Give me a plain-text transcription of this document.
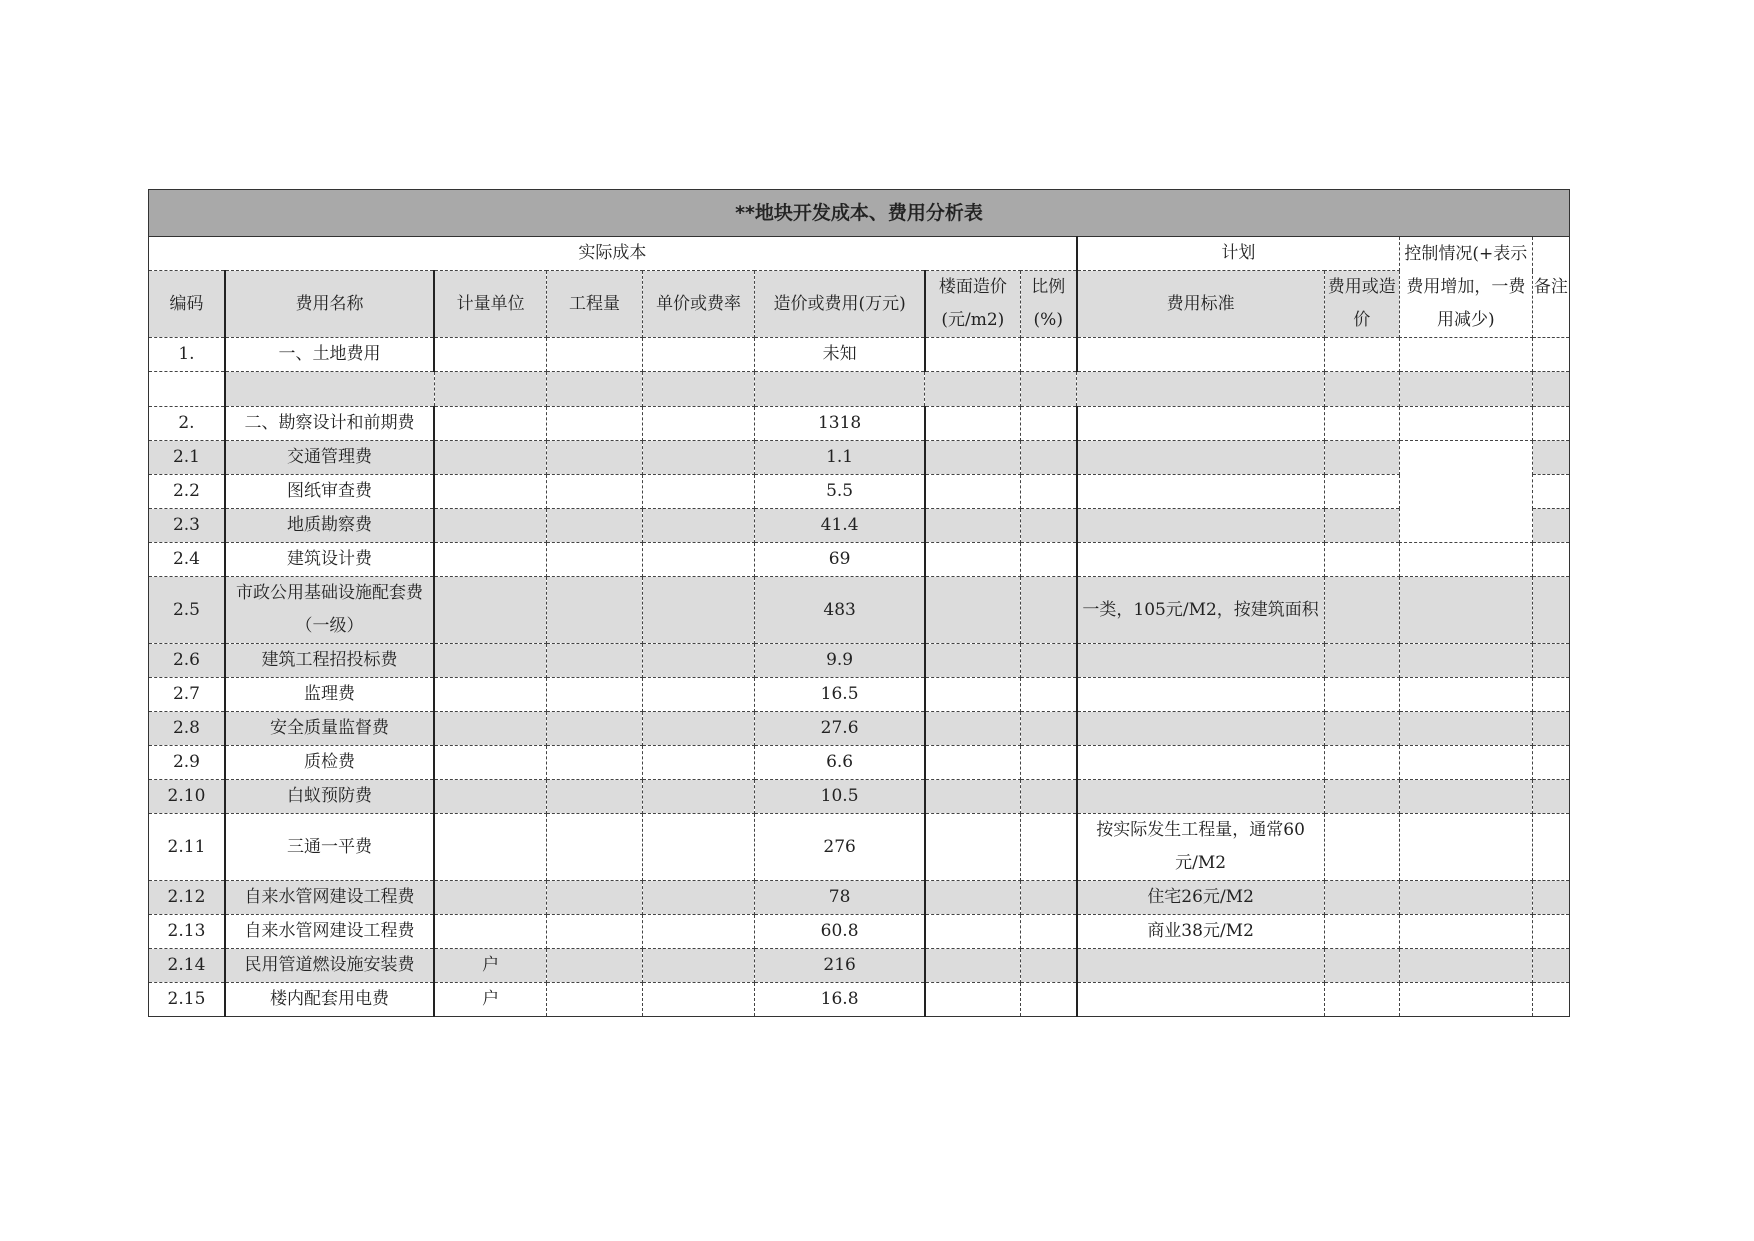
**地块开发成本、费用分析表											
实际成本								计划		控制情况(+表示费用增加，一费用减少)	备注
编码	费用名称	计量单位	工程量	单价或费率	造价或费用(万元)	楼面造价(元/m2)	比例(%)	费用标准	费用或造价		
1.	一、土地费用				未知						

2.	二、勘察设计和前期费				1318						
2.1	交通管理费				1.1						
2.2	图纸审查费				5.5						
2.3	地质勘察费				41.4						
2.4	建筑设计费				69						
2.5	市政公用基础设施配套费（一级）				483			一类，105元/M2，按建筑面积			
2.6	建筑工程招投标费				9.9						
2.7	监理费				16.5						
2.8	安全质量监督费				27.6						
2.9	质检费				6.6						
2.10	白蚁预防费				10.5						
2.11	三通一平费				276			按实际发生工程量，通常60元/M2			
2.12	自来水管网建设工程费				78			住宅26元/M2			
2.13	自来水管网建设工程费				60.8			商业38元/M2			
2.14	民用管道燃设施安装费	户			216						
2.15	楼内配套用电费	户			16.8						
